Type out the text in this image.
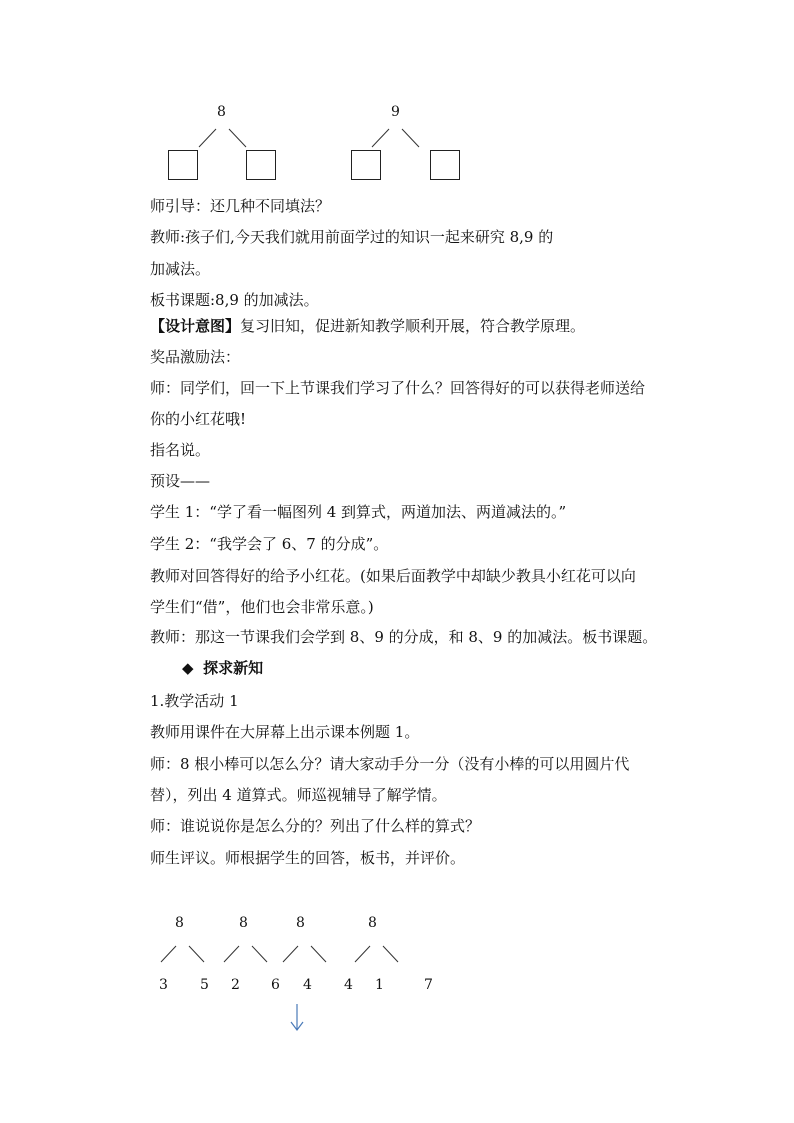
8	9
师引导：还几种不同填法？
教师:孩子们,今天我们就用前面学过的知识一起来研究 8,9 的
加减法。
板书课题:8,9 的加减法。
【设计意图】复习旧知，促进新知教学顺利开展，符合教学原理。
奖品激励法：
师：同学们，回一下上节课我们学习了什么？回答得好的可以获得老师送给
你的小红花哦!
指名说。
预设——
学生 1：“学了看一幅图列 4 到算式，两道加法、两道减法的。”
学生 2：“我学会了 6、7 的分成”。
教师对回答得好的给予小红花。(如果后面教学中却缺少教具小红花可以向
学生们“借”，他们也会非常乐意。)
教师：那这一节课我们会学到 8、9 的分成，和 8、9 的加减法。板书课题。
◆ 探求新知
1.教学活动 1
教师用课件在大屏幕上出示课本例题 1。
师：8 根小棒可以怎么分？请大家动手分一分（没有小棒的可以用圆片代
替），列出 4 道算式。师巡视辅导了解学情。
师：谁说说你是怎么分的？列出了什么样的算式？
师生评议。师根据学生的回答，板书，并评价。
8
3 5
8
2 6
8
4 4
8
1	7
